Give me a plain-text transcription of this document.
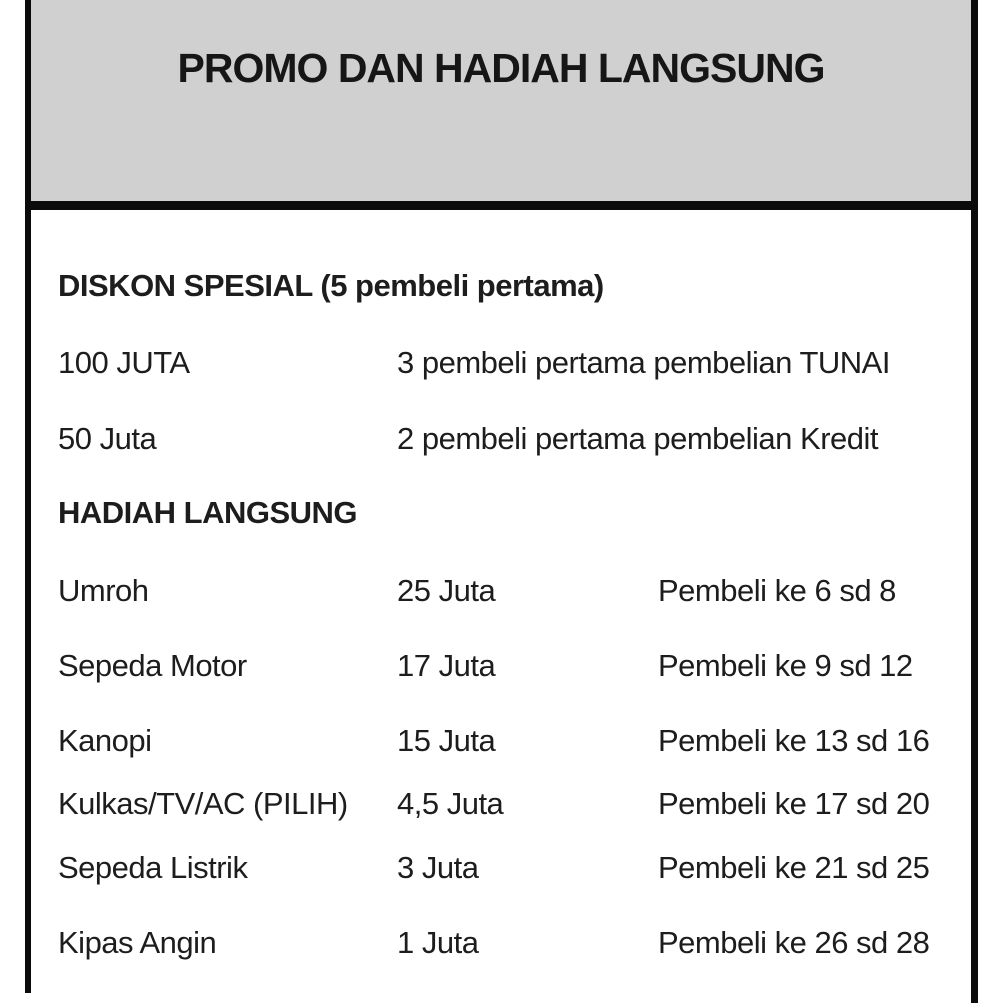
PROMO DAN HADIAH LANGSUNG
DISKON SPESIAL (5 pembeli pertama)
100 JUTA	3 pembeli pertama pembelian TUNAI
50 Juta	2 pembeli pertama pembelian Kredit
HADIAH LANGSUNG
Umroh	25 Juta	Pembeli ke 6 sd 8
Sepeda Motor	17 Juta	Pembeli ke 9 sd 12
Kanopi	15 Juta	Pembeli ke 13 sd 16
Kulkas/TV/AC (PILIH)	4,5 Juta	Pembeli ke 17 sd 20
Sepeda Listrik	3 Juta	Pembeli ke 21 sd 25
Kipas Angin	1 Juta	Pembeli ke 26 sd 28
